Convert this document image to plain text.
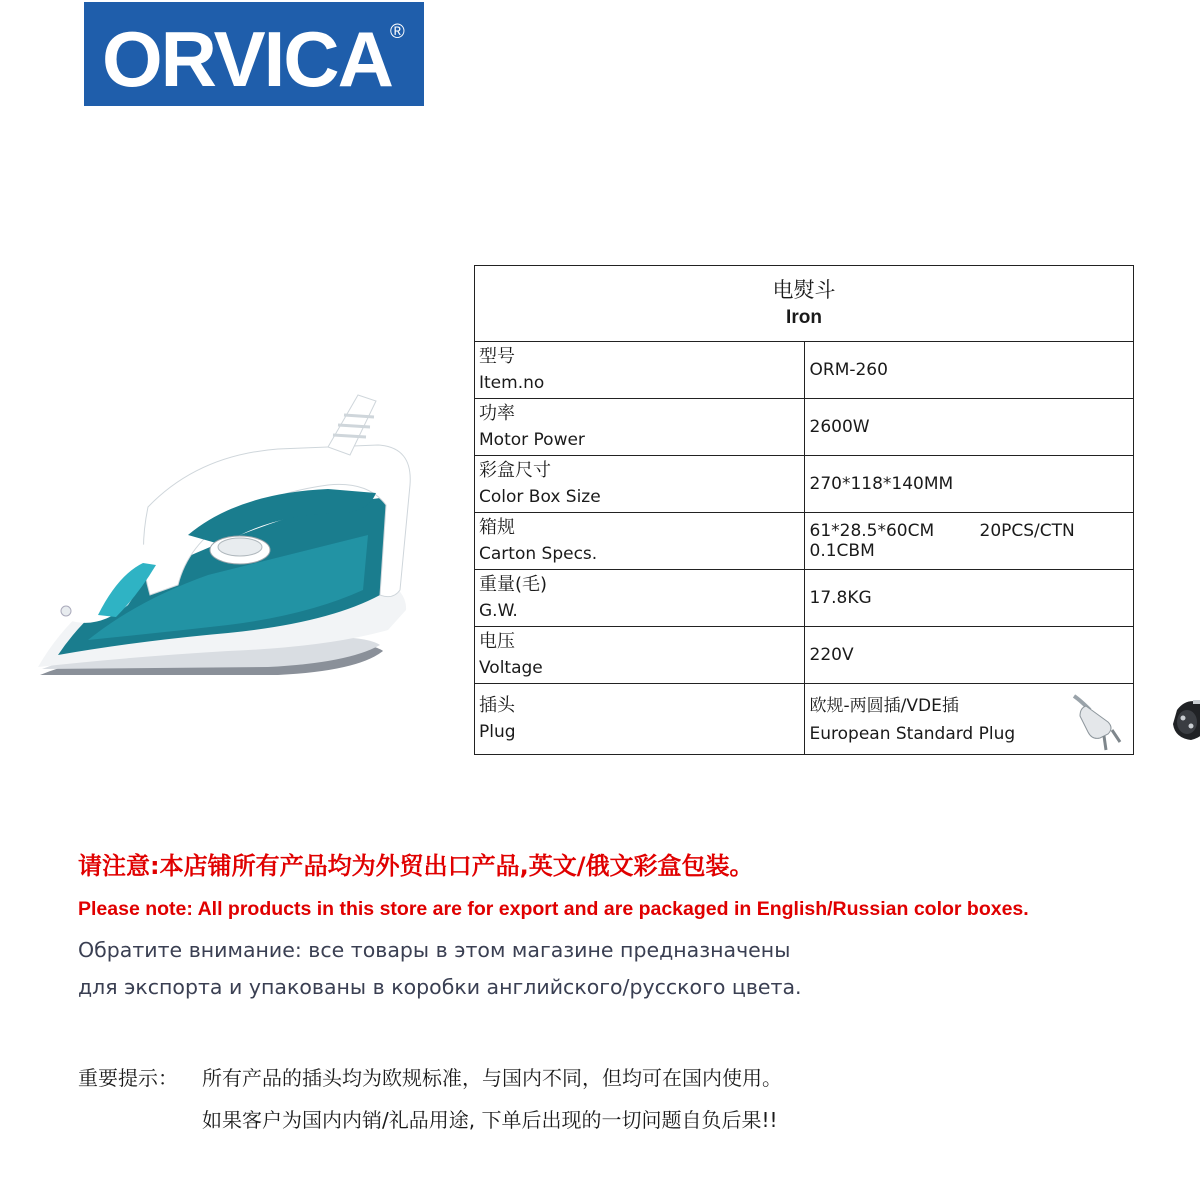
ORVICA
®
电熨斗
Iron	

型号
Item.no	ORM-260

功率
Motor Power	2600W

彩盒尺寸
Color Box Size	270*118*140MM

箱规
Carton Specs.	61*28.5*60CM 20PCS/CTN0.1CBM

重量(毛)
G.W.	17.8KG

电压
Voltage	220V

插头
Plug	欧规-两圆插/VDE插
European Standard Plug
请注意:本店铺所有产品均为外贸出口产品,英文/俄文彩盒包装。
Please note: All products in this store are for export and are packaged in English/Russian color boxes.
Обратите внимание: все товары в этом магазине предназначены
для экспорта и упакованы в коробки английского/русского цвета.
重要提示： 所有产品的插头均为欧规标准，与国内不同，但均可在国内使用。
如果客户为国内内销/礼品用途, 下单后出现的一切问题自负后果!!
